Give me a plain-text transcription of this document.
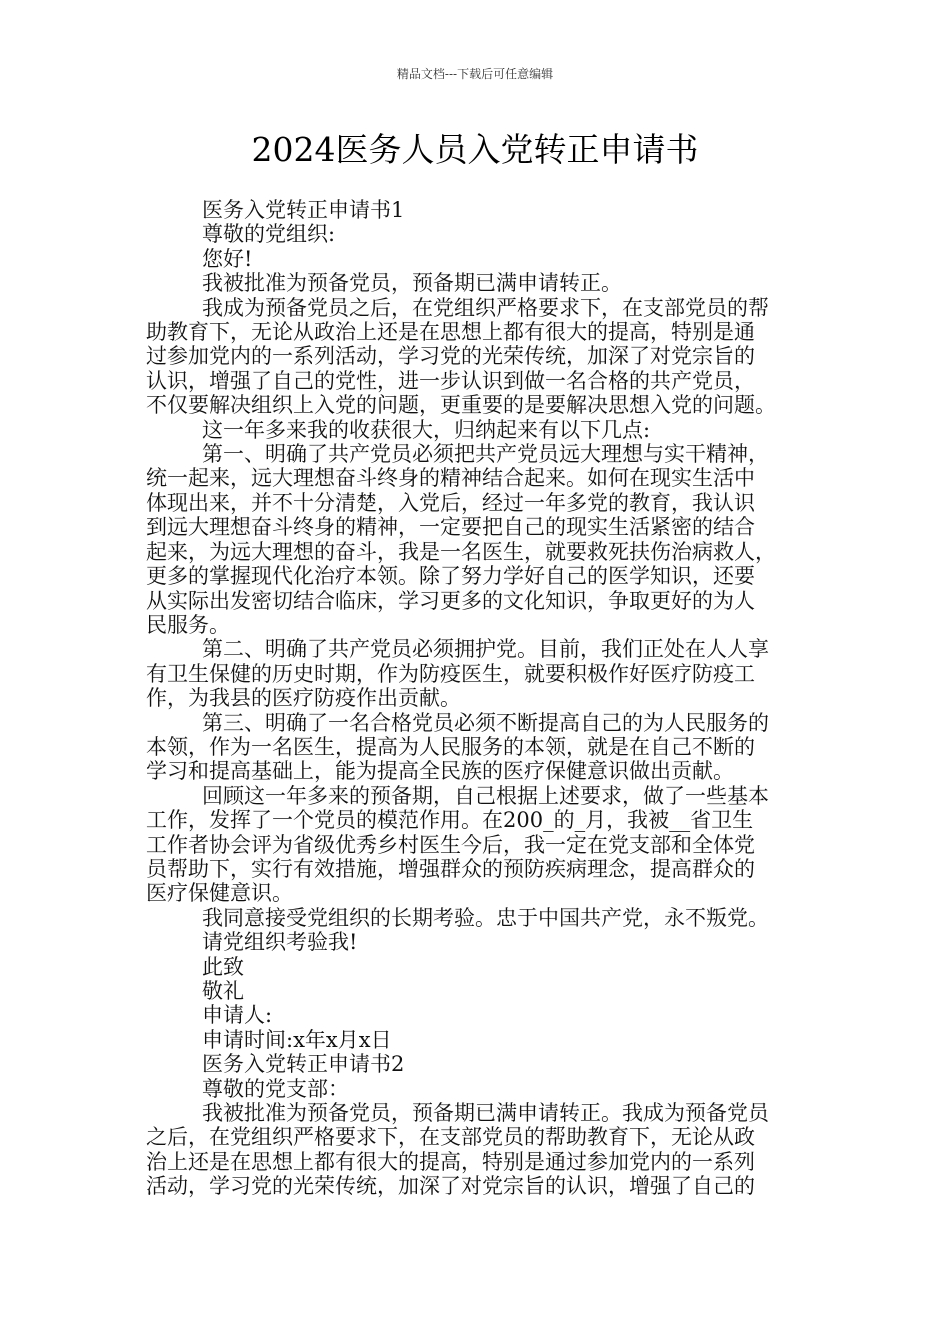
精品文档---下载后可任意编辑
2024医务人员入党转正申请书

医务入党转正申请书1

尊敬的党组织:

您好!

我被批准为预备党员，预备期已满申请转正。

我成为预备党员之后，在党组织严格要求下，在支部党员的帮
助教育下，无论从政治上还是在思想上都有很大的提高，特别是通
过参加党内的一系列活动，学习党的光荣传统，加深了对党宗旨的
认识，增强了自己的党性，进一步认识到做一名合格的共产党员，
不仅要解决组织上入党的问题，更重要的是要解决思想入党的问题。

这一年多来我的收获很大，归纳起来有以下几点:

第一、明确了共产党员必须把共产党员远大理想与实干精神，
统一起来，远大理想奋斗终身的精神结合起来。如何在现实生活中
体现出来，并不十分清楚，入党后，经过一年多党的教育，我认识
到远大理想奋斗终身的精神，一定要把自己的现实生活紧密的结合
起来，为远大理想的奋斗，我是一名医生，就要救死扶伤治病救人，
更多的掌握现代化治疗本领。除了努力学好自己的医学知识，还要
从实际出发密切结合临床，学习更多的文化知识，争取更好的为人
民服务。

第二、明确了共产党员必须拥护党。目前，我们正处在人人享
有卫生保健的历史时期，作为防疫医生，就要积极作好医疗防疫工
作，为我县的医疗防疫作出贡献。

第三、明确了一名合格党员必须不断提高自己的为人民服务的
本领，作为一名医生，提高为人民服务的本领，就是在自己不断的
学习和提高基础上，能为提高全民族的医疗保健意识做出贡献。

回顾这一年多来的预备期，自己根据上述要求，做了一些基本
工作，发挥了一个党员的模范作用。在200_的_月，我被__省卫生
工作者协会评为省级优秀乡村医生今后，我一定在党支部和全体党
员帮助下，实行有效措施，增强群众的预防疾病理念，提高群众的
医疗保健意识。

我同意接受党组织的长期考验。忠于中国共产党，永不叛党。

请党组织考验我!

此致

敬礼

申请人:

申请时间:x年x月x日

医务入党转正申请书2

尊敬的党支部：

我被批准为预备党员，预备期已满申请转正。我成为预备党员
之后，在党组织严格要求下，在支部党员的帮助教育下，无论从政
治上还是在思想上都有很大的提高，特别是通过参加党内的一系列
活动，学习党的光荣传统，加深了对党宗旨的认识，增强了自己的
